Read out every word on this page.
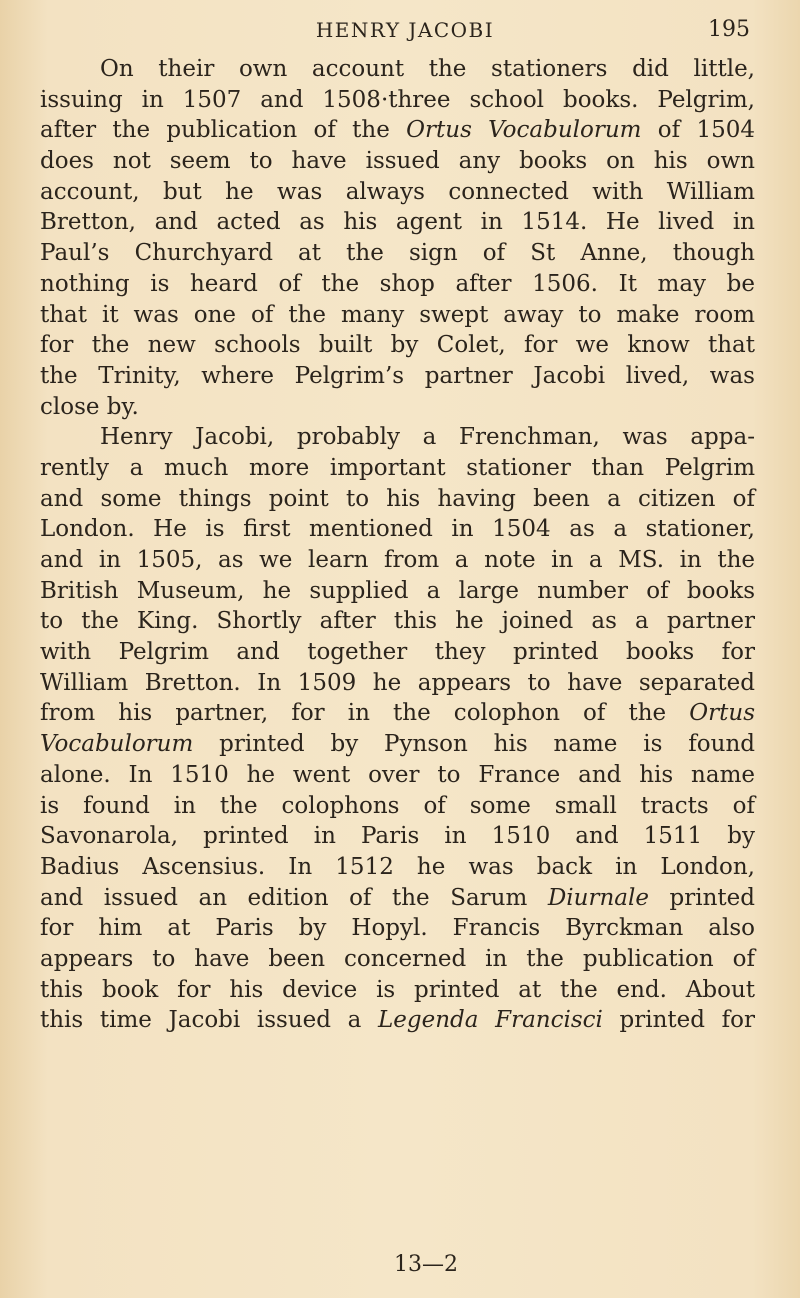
HENRY JACOBI	195
On their own account the stationers did little,
issuing in 1507 and 1508·three school books. Pelgrim,
after the publication of the Ortus Vocabulorum of 1504
does not seem to have issued any books on his own
account, but he was always connected with William
Bretton, and acted as his agent in 1514. He lived in
Paul’s Churchyard at the sign of St Anne, though
nothing is heard of the shop after 1506. It may be
that it was one of the many swept away to make room
for the new schools built by Colet, for we know that
the Trinity, where Pelgrim’s partner Jacobi lived, was
close by.
Henry Jacobi, probably a Frenchman, was appa-
rently a much more important stationer than Pelgrim
and some things point to his having been a citizen of
London. He is first mentioned in 1504 as a stationer,
and in 1505, as we learn from a note in a MS. in the
British Museum, he supplied a large number of books
to the King. Shortly after this he joined as a partner
with Pelgrim and together they printed books for
William Bretton. In 1509 he appears to have separated
from his partner, for in the colophon of the Ortus
Vocabulorum printed by Pynson his name is found
alone. In 1510 he went over to France and his name
is found in the colophons of some small tracts of
Savonarola, printed in Paris in 1510 and 1511 by
Badius Ascensius. In 1512 he was back in London,
and issued an edition of the Sarum Diurnale printed
for him at Paris by Hopyl. Francis Byrckman also
appears to have been concerned in the publication of
this book for his device is printed at the end. About
this time Jacobi issued a Legenda Francisci printed for
13—2
